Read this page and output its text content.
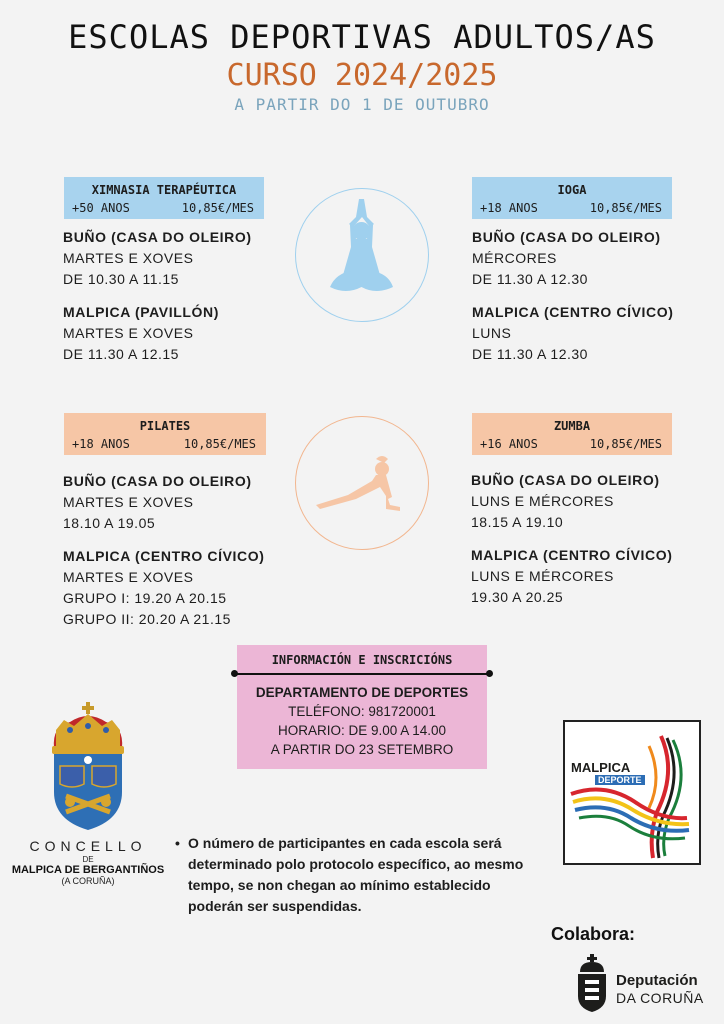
ESCOLAS DEPORTIVAS ADULTOS/AS
CURSO 2024/2025
A PARTIR DO 1 DE OUTUBRO
XIMNASIA TERAPÉUTICA
+50 ANOS	10,85€/MES
BUÑO (CASA DO OLEIRO)
MARTES E XOVES
DE 10.30 A 11.15
MALPICA (PAVILLÓN)
MARTES E XOVES
DE 11.30 A 12.15
IOGA
+18 ANOS	10,85€/MES
BUÑO (CASA DO OLEIRO)
MÉRCORES
DE 11.30 A 12.30
MALPICA (CENTRO CÍVICO)
LUNS
DE 11.30 A 12.30
PILATES
+18 ANOS	10,85€/MES
BUÑO (CASA DO OLEIRO)
MARTES E XOVES
18.10 A 19.05
MALPICA (CENTRO CÍVICO)
MARTES E XOVES
GRUPO I: 19.20 A 20.15
GRUPO II: 20.20 A 21.15
ZUMBA
+16 ANOS	10,85€/MES
BUÑO (CASA DO OLEIRO)
LUNS E MÉRCORES
18.15 A 19.10
MALPICA (CENTRO CÍVICO)
LUNS E MÉRCORES
19.30 A 20.25
INFORMACIÓN E INSCRICIÓNS
DEPARTAMENTO DE DEPORTES
TELÉFONO: 981720001
HORARIO: DE 9.00 A 14.00
A PARTIR DO 23 SETEMBRO
CONCELLO
DE
MALPICA DE BERGANTIÑOS
(A CORUÑA)
• O número de participantes en cada escola será determinado polo protocolo específico, ao mesmo tempo, se non chegan ao mínimo establecido poderán ser suspendidas.
MALPICA
DEPORTE
Colabora:
Deputación
DA CORUÑA
